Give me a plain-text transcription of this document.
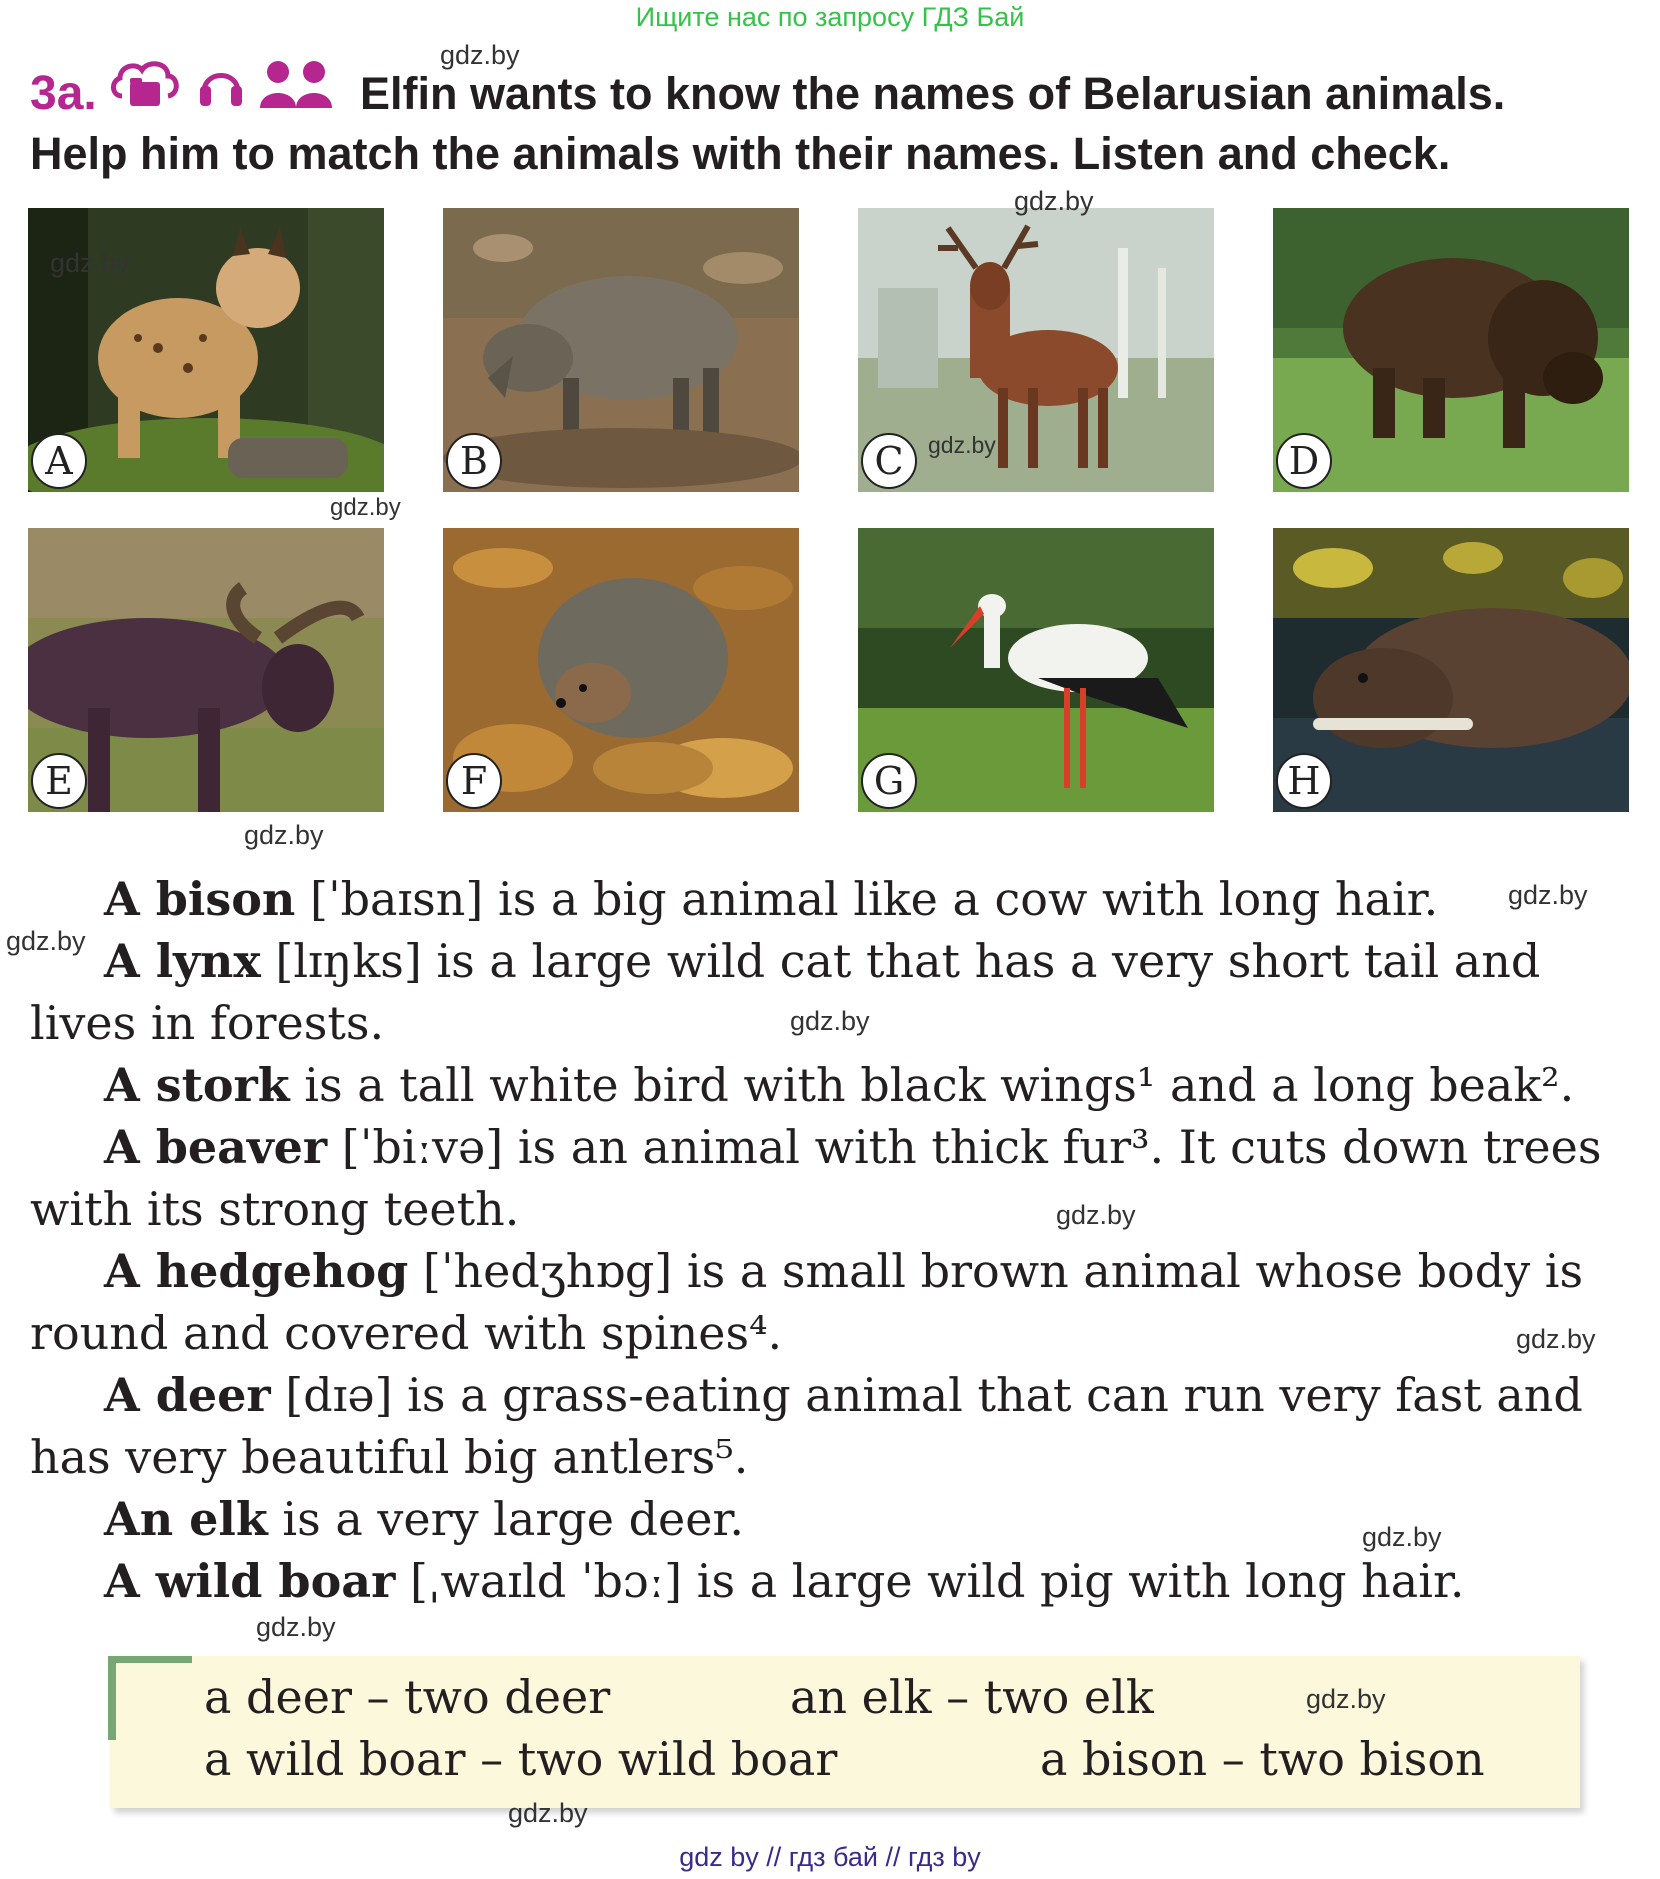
Ищите нас по запросу ГДЗ Бай
3a.	Elfin wants to know the names of Belarusian animals.
Help him to match the animals with their names. Listen and check.
A	B	C	D
E	F	G	H
A bison [ˈbaɪsn] is a big animal like a cow with long hair.
A lynx [lɪŋks] is a large wild cat that has a very short tail and lives in forests.
A stork is a tall white bird with black wings¹ and a long beak².
A beaver [ˈbiːvə] is an animal with thick fur³. It cuts down trees with its strong teeth.
A hedgehog [ˈhedʒhɒg] is a small brown animal whose body is round and covered with spines⁴.
A deer [dɪə] is a grass-eating animal that can run very fast and has very beautiful big antlers⁵.
An elk is a very large deer.
A wild boar [ˌwaɪld ˈbɔː] is a large wild pig with long hair.
a deer – two deer	an elk – two elk
a wild boar – two wild boar	a bison – two bison
gdz.by
gdz.by
gdz.by
gdz.by
gdz.by
gdz.by
gdz.by
gdz.by
gdz.by
gdz.by
gdz.by
gdz.by
gdz.by
gdz.by
gdz.by
gdz by // гдз бай // гдз by
